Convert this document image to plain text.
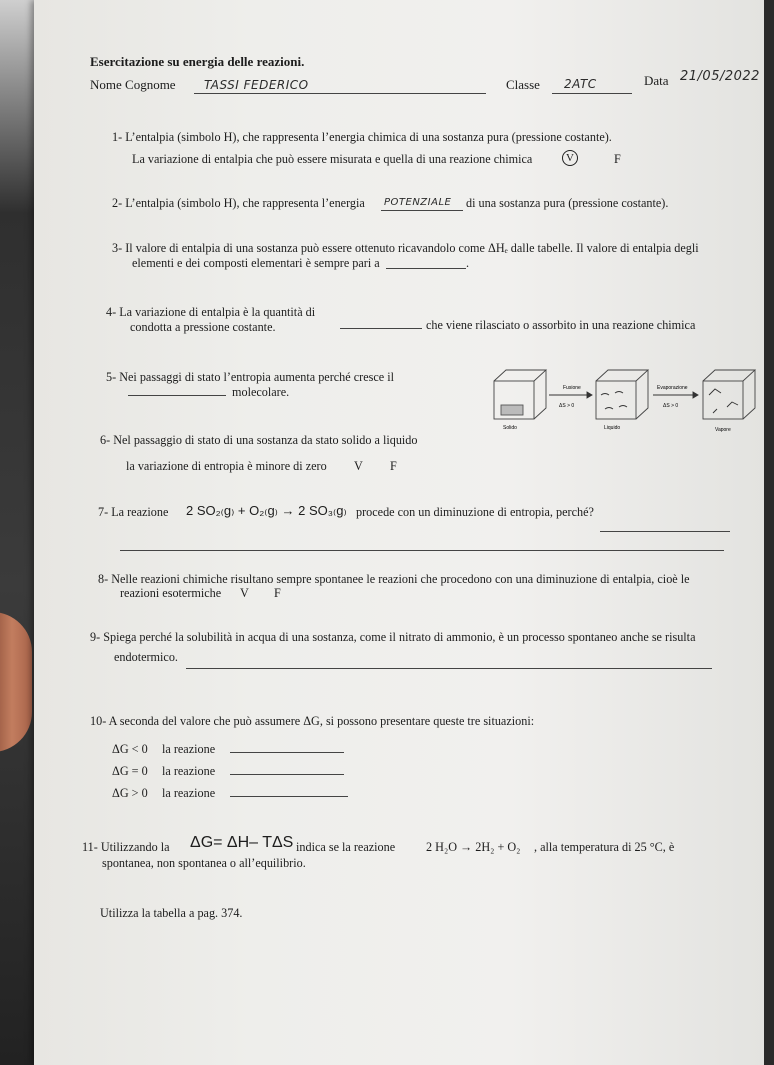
Esercitazione su energia delle reazioni.
Nome Cognome TASSI FEDERICO	Classe 2ATC	Data 21/05/2022
1- L’entalpia (simbolo H), che rappresenta l’energia chimica di una sostanza pura (pressione costante).
La variazione di entalpia che può essere misurata e quella di una reazione chimica	V	F
2- L’entalpia (simbolo H), che rappresenta l’energia POTENZIALE di una sostanza pura (pressione costante).
3- Il valore di entalpia di una sostanza può essere ottenuto ricavandolo come ΔHₑ dalle tabelle. Il valore di entalpia degli
elementi e dei composti elementari è sempre pari a	.
4- La variazione di entalpia è la quantità di
che viene rilasciato o assorbito in una reazione chimica
condotta a pressione costante.
5- Nei passaggi di stato l’entropia aumenta perché cresce il
molecolare.	Fusione	Evaporazione
ΔS > 0	ΔS > 0
Solido	Liquido	Vapore
6- Nel passaggio di stato di una sostanza da stato solido a liquido
la variazione di entropia è minore di zero V F
7- La reazione 2 SO₂₍g₎ + O₂₍g₎ → 2 SO₃₍g₎ procede con un diminuzione di entropia, perché?
8- Nelle reazioni chimiche risultano sempre spontanee le reazioni che procedono con una diminuzione di entalpia, cioè le
reazioni esotermiche V F
9- Spiega perché la solubilità in acqua di una sostanza, come il nitrato di ammonio, è un processo spontaneo anche se risulta
endotermico.
10- A seconda del valore che può assumere ΔG, si possono presentare queste tre situazioni:
ΔG < 0 la reazione
ΔG = 0 la reazione
ΔG > 0 la reazione
11- Utilizzando la ΔG= ΔH– TΔS indica se la reazione	2 H₂O → 2H₂ + O₂ , alla temperatura di 25 °C, è
spontanea, non spontanea o all’equilibrio.
Utilizza la tabella a pag. 374.
